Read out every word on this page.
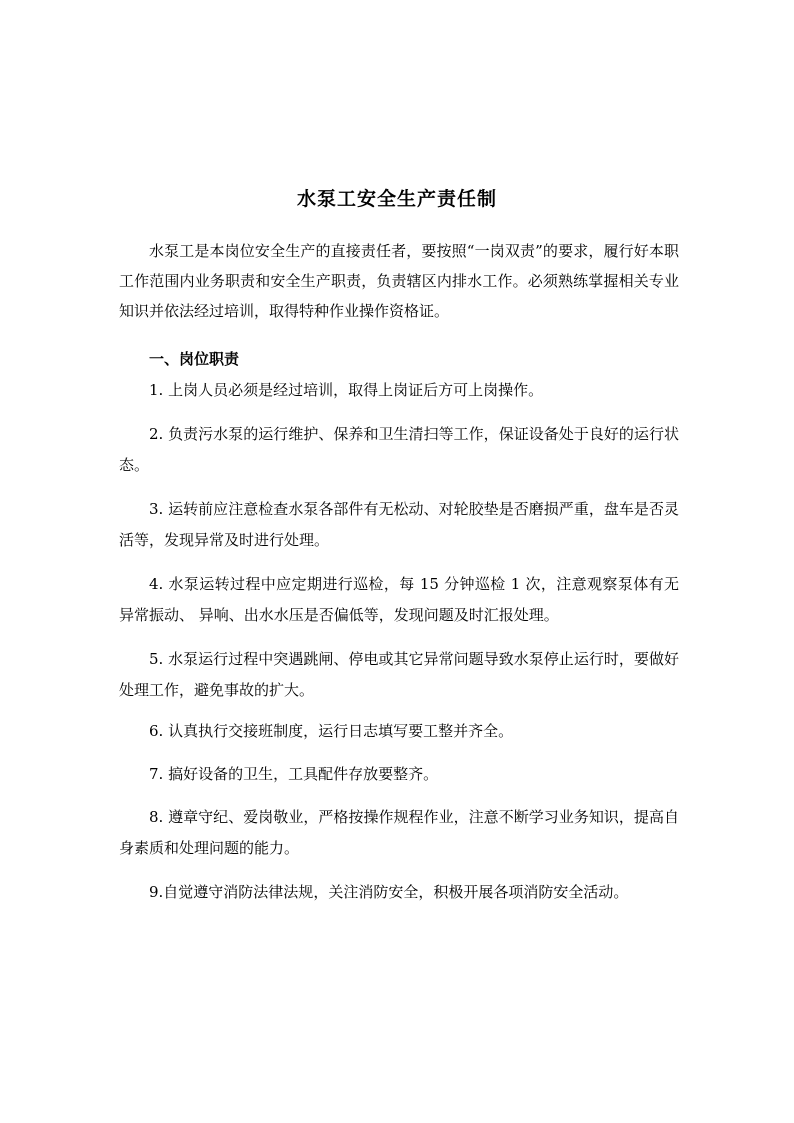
水泵工安全生产责任制
水泵工是本岗位安全生产的直接责任者，要按照“一岗双责”的要求，履行好本职工作范围内业务职责和安全生产职责，负责辖区内排水工作。必须熟练掌握相关专业知识并依法经过培训，取得特种作业操作资格证。
一、岗位职责
1. 上岗人员必须是经过培训，取得上岗证后方可上岗操作。
2. 负责污水泵的运行维护、保养和卫生清扫等工作，保证设备处于良好的运行状态。
3. 运转前应注意检查水泵各部件有无松动、对轮胶垫是否磨损严重，盘车是否灵活等，发现异常及时进行处理。
4. 水泵运转过程中应定期进行巡检，每 15 分钟巡检 1 次，注意观察泵体有无异常振动、 异响、出水水压是否偏低等，发现问题及时汇报处理。
5. 水泵运行过程中突遇跳闸、停电或其它异常问题导致水泵停止运行时，要做好处理工作，避免事故的扩大。
6. 认真执行交接班制度，运行日志填写要工整并齐全。
7. 搞好设备的卫生，工具配件存放要整齐。
8. 遵章守纪、爱岗敬业，严格按操作规程作业，注意不断学习业务知识，提高自身素质和处理问题的能力。
9.自觉遵守消防法律法规，关注消防安全，积极开展各项消防安全活动。
